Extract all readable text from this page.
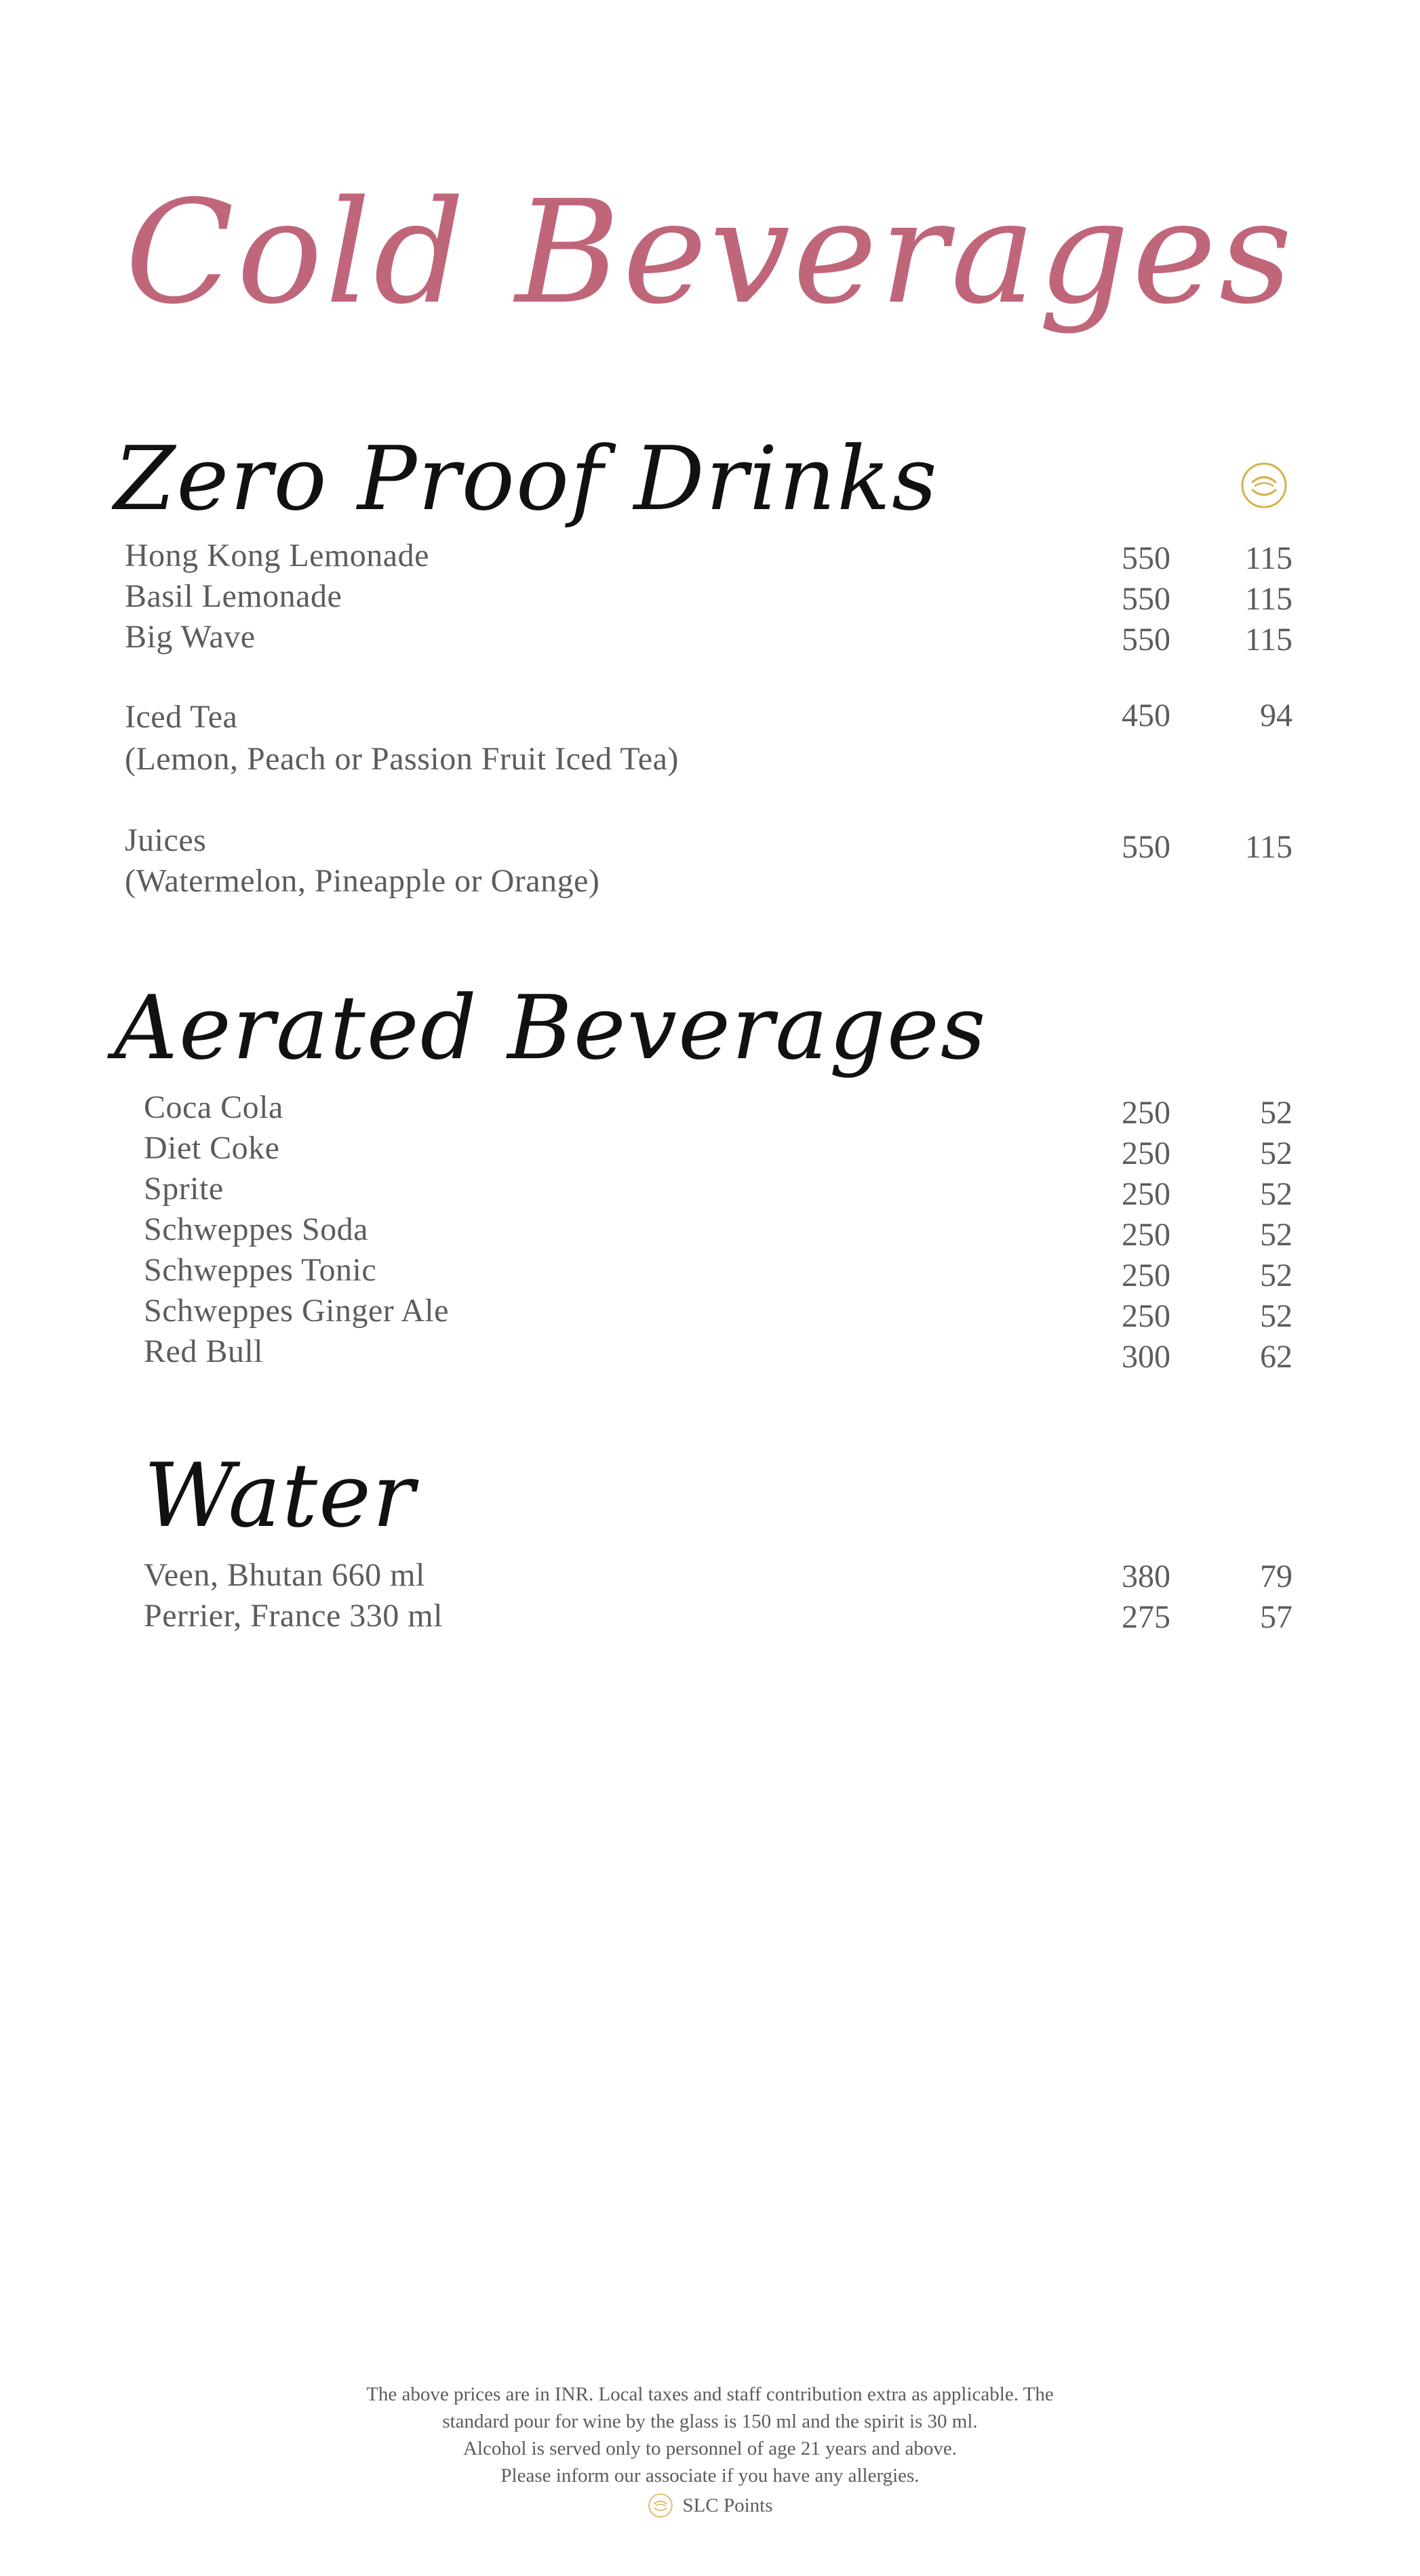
Cold Beverages
Zero Proof Drinks
Hong Kong Lemonade	550 115
Basil Lemonade	550 115
Big Wave	550 115
Iced Tea
(Lemon, Peach or Passion Fruit Iced Tea)
450	94
Juices
(Watermelon, Pineapple or Orange)
550 115
Aerated Beverages
Coca Cola	250	52
Diet Coke	250	52
Sprite	250	52
Schweppes Soda	250	52
Schweppes Tonic	250	52
Schweppes Ginger Ale	250	52
Red Bull	300	62
Water
Veen, Bhutan 660 ml	380	79
Perrier, France 330 ml	275	57
The above prices are in INR. Local taxes and staff contribution extra as applicable. The
standard pour for wine by the glass is 150 ml and the spirit is 30 ml.
Alcohol is served only to personnel of age 21 years and above.
Please inform our associate if you have any allergies.
SLC Points
